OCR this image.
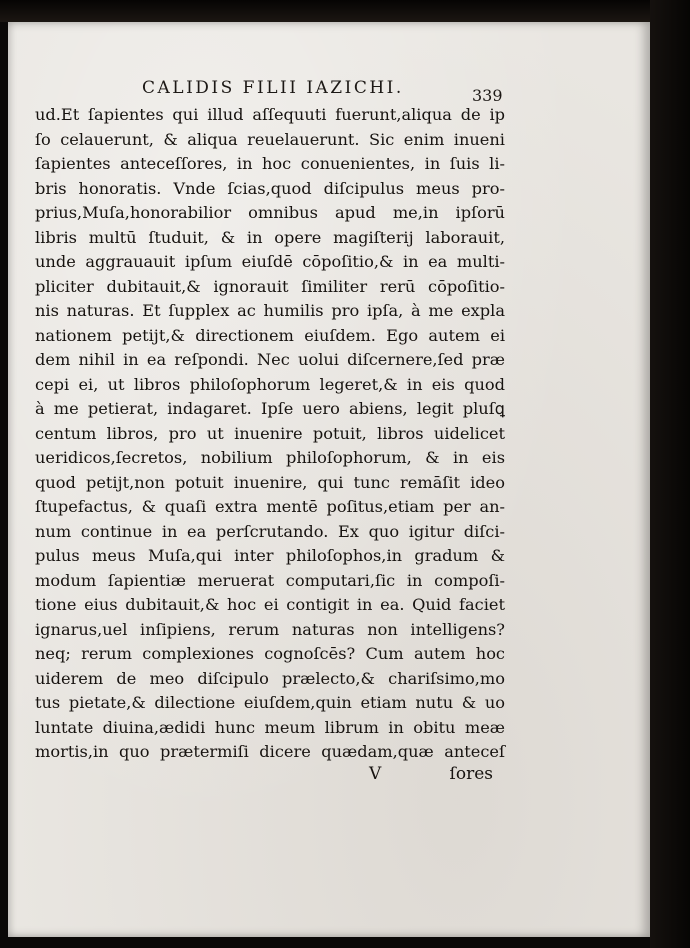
CALIDIS FILII IAZICHI.	339
ud.Et ſapientes qui illud aſſequuti fuerunt,aliqua de ip
ſo celauerunt, & aliqua reuelauerunt. Sic enim inueni
ſapientes anteceſſores, in hoc conuenientes, in ſuis li-
bris honoratis. Vnde ſcias,quod diſcipulus meus pro-
prius,Muſa,honorabilior omnibus apud me,in ipſorū
libris multū ſtuduit, & in opere magiſterij laborauit,
unde aggrauauit ipſum eiuſdē cōpoſitio,& in ea multi-
pliciter dubitauit,& ignorauit ſimiliter rerū cōpoſitio-
nis naturas. Et ſupplex ac humilis pro ipſa, à me expla
nationem petijt,& directionem eiuſdem. Ego autem ei
dem nihil in ea reſpondi. Nec uolui diſcernere,ſed præ
cepi ei, ut libros philoſophorum legeret,& in eis quod
à me petierat, indagaret. Ipſe uero abiens, legit pluſꝗ
centum libros, pro ut inuenire potuit, libros uidelicet
ueridicos,ſecretos, nobilium philoſophorum, & in eis
quod petijt,non potuit inuenire, qui tunc remāſit ideo
ſtupefactus, & quaſi extra mentē poſitus,etiam per an-
num continue in ea perſcrutando. Ex quo igitur diſci-
pulus meus Muſa,qui inter philoſophos,in gradum &
modum ſapientiæ meruerat computari,ſic in compoſi-
tione eius dubitauit,& hoc ei contigit in ea. Quid faciet
ignarus,uel inſipiens, rerum naturas non intelligens?
neq; rerum complexiones cognoſcēs? Cum autem hoc
uiderem de meo diſcipulo prælecto,& chariſsimo,mo
tus pietate,& dilectione eiuſdem,quin etiam nutu & uo
luntate diuina,ædidi hunc meum librum in obitu meæ
mortis,in quo prætermiſi dicere quædam,quæ anteceſ
V	ſores
